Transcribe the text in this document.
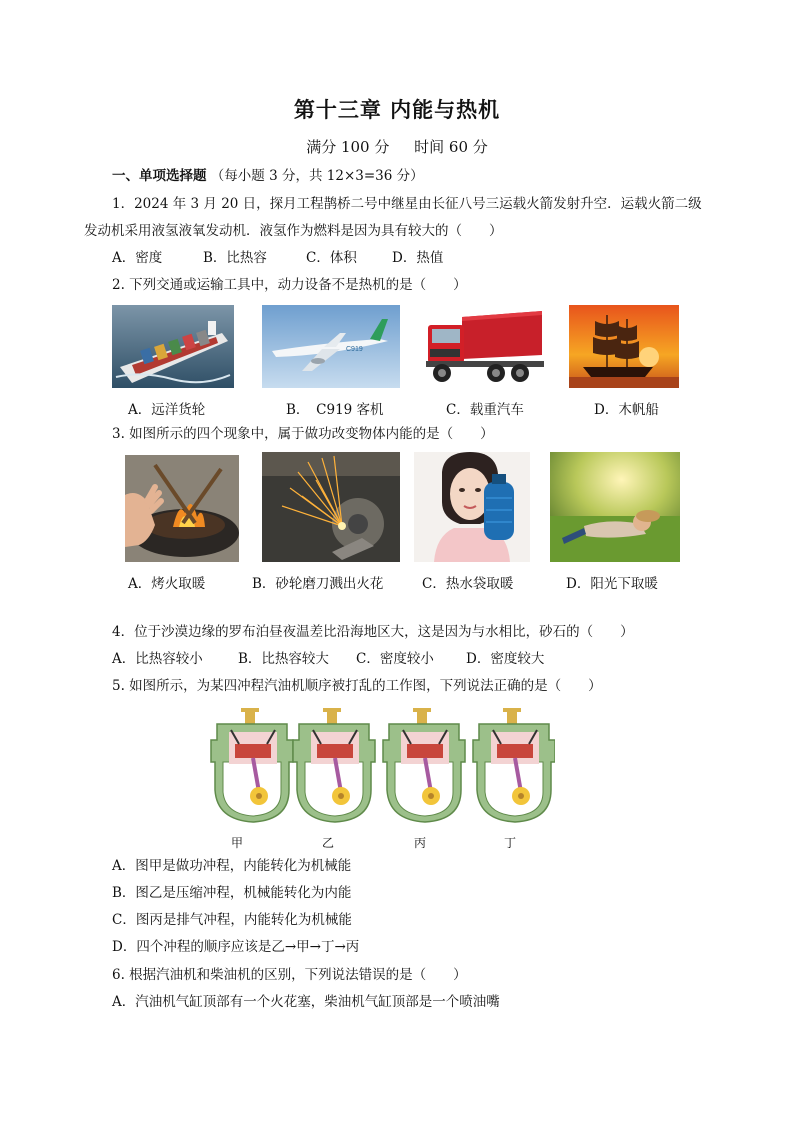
第十三章 内能与热机
满分 100 分 时间 60 分
一、单项选择题 （每小题 3 分，共 12×3=36 分）
1．2024 年 3 月 20 日，探月工程鹊桥二号中继星由长征八号三运载火箭发射升空．运载火箭二级
发动机采用液氢液氧发动机．液氢作为燃料是因为具有较大的（　　）
A．密度	B．比热容	C．体积	D．热值
2. 下列交通或运输工具中，动力设备不是热机的是（　　）
C919
A．远洋货轮	B．　C919 客机	C．载重汽车	D．木帆船
3. 如图所示的四个现象中，属于做功改变物体内能的是（　　）
A．烤火取暖	B．砂轮磨刀溅出火花	C．热水袋取暖	D．阳光下取暖
4．位于沙漠边缘的罗布泊昼夜温差比沿海地区大，这是因为与水相比，砂石的（　　）
A．比热容较小	B．比热容较大 C．密度较小 D．密度较大
5. 如图所示，为某四冲程汽油机顺序被打乱的工作图，下列说法正确的是（　　）
甲	乙	丙	丁
A．图甲是做功冲程，内能转化为机械能
B．图乙是压缩冲程，机械能转化为内能
C．图丙是排气冲程，内能转化为机械能
D．四个冲程的顺序应该是乙→甲→丁→丙
6. 根据汽油机和柴油机的区别，下列说法错误的是（　　）
A．汽油机气缸顶部有一个火花塞，柴油机气缸顶部是一个喷油嘴
